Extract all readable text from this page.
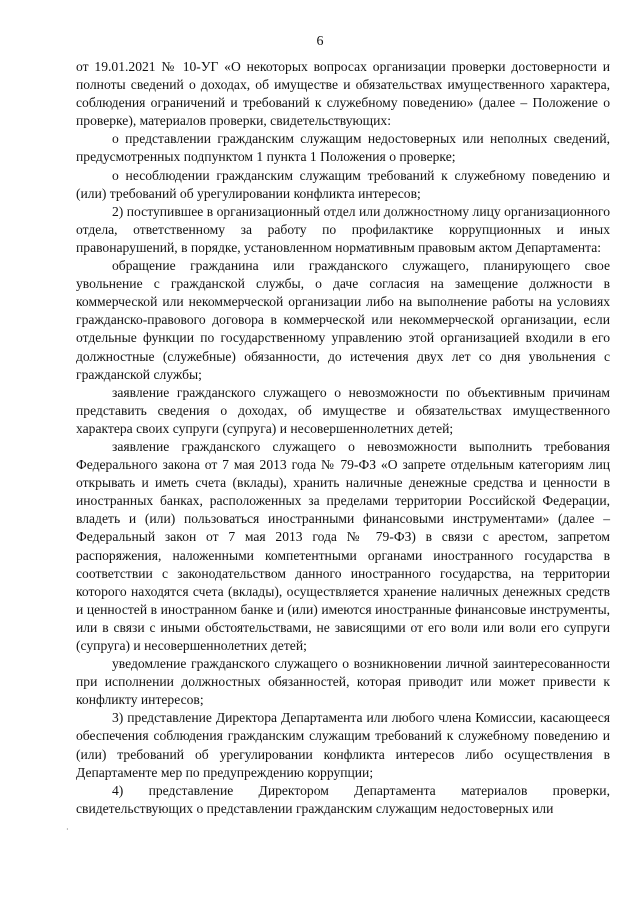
6
·

от 19.01.2021 № 10-УГ «О некоторых вопросах организации проверки достоверности и полноты сведений о доходах, об имуществе и обязательствах имущественного характера, соблюдения ограничений и требований к служебному поведению» (далее – Положение о проверке), материалов проверки, свидетельствующих:

о представлении гражданским служащим недостоверных или неполных сведений, предусмотренных подпунктом 1 пункта 1 Положения о проверке;

о несоблюдении гражданским служащим требований к служебному поведению и (или) требований об урегулировании конфликта интересов;

2) поступившее в организационный отдел или должностному лицу организационного отдела, ответственному за работу по профилактике коррупционных и иных правонарушений, в порядке, установленном нормативным правовым актом Департамента:

обращение гражданина или гражданского служащего, планирующего свое увольнение с гражданской службы, о даче согласия на замещение должности в коммерческой или некоммерческой организации либо на выполнение работы на условиях гражданско-правового договора в коммерческой или некоммерческой организации, если отдельные функции по государственному управлению этой организацией входили в его должностные (служебные) обязанности, до истечения двух лет со дня увольнения с гражданской службы;

заявление гражданского служащего о невозможности по объективным причинам представить сведения о доходах, об имуществе и обязательствах имущественного характера своих супруги (супруга) и несовершеннолетних детей;

заявление гражданского служащего о невозможности выполнить требования Федерального закона от 7 мая 2013 года № 79-ФЗ «О запрете отдельным категориям лиц открывать и иметь счета (вклады), хранить наличные денежные средства и ценности в иностранных банках, расположенных за пределами территории Российской Федерации, владеть и (или) пользоваться иностранными финансовыми инструментами» (далее – Федеральный закон от 7 мая 2013 года № 79-ФЗ) в связи с арестом, запретом распоряжения, наложенными компетентными органами иностранного государства в соответствии с законодательством данного иностранного государства, на территории которого находятся счета (вклады), осуществляется хранение наличных денежных средств и ценностей в иностранном банке и (или) имеются иностранные финансовые инструменты, или в связи с иными обстоятельствами, не зависящими от его воли или воли его супруги (супруга) и несовершеннолетних детей;

уведомление гражданского служащего о возникновении личной заинтересованности при исполнении должностных обязанностей, которая приводит или может привести к конфликту интересов;

3) представление Директора Департамента или любого члена Комиссии, касающееся обеспечения соблюдения гражданским служащим требований к служебному поведению и (или) требований об урегулировании конфликта интересов либо осуществления в Департаменте мер по предупреждению коррупции;

4) представление Директором Департамента материалов проверки, свидетельствующих о представлении гражданским служащим недостоверных или
